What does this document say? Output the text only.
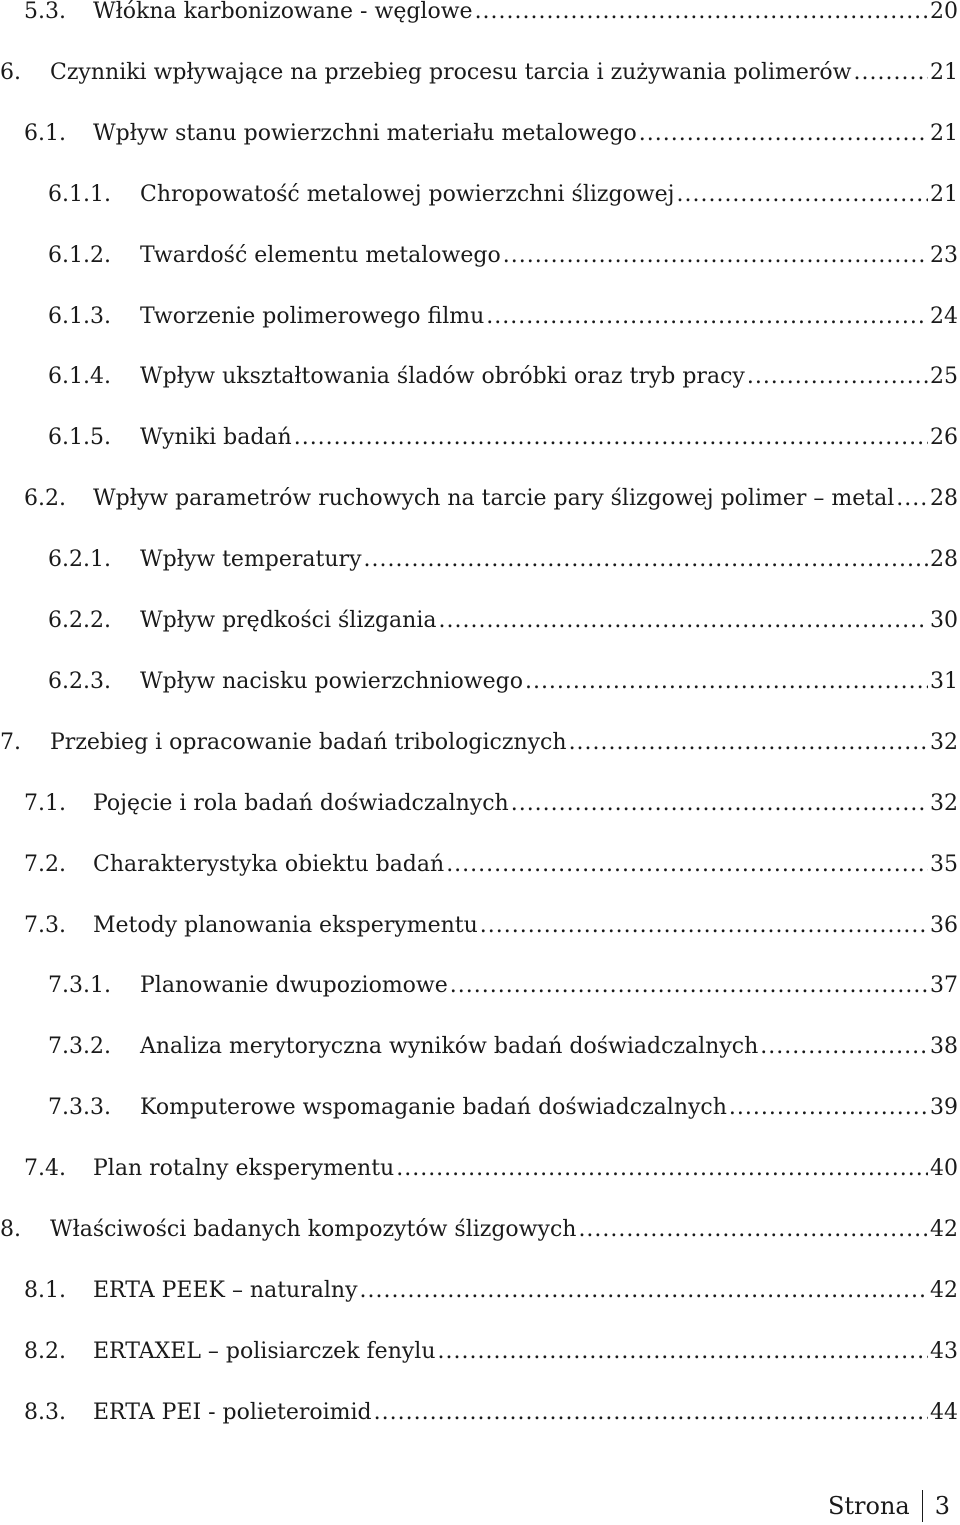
5.3.	Włókna karbonizowane - węglowe .....	20
6.	Czynniki wpływające na przebieg procesu tarcia i zużywania polimerów .....	21
6.1.	Wpływ stanu powierzchni materiału metalowego .....	21
6.1.1.	Chropowatość metalowej powierzchni ślizgowej .....	21
6.1.2.	Twardość elementu metalowego .....	23
6.1.3.	Tworzenie polimerowego filmu .....	24
6.1.4.	Wpływ ukształtowania śladów obróbki oraz tryb pracy .....	25
6.1.5.	Wyniki badań .....	26
6.2.	Wpływ parametrów ruchowych na tarcie pary ślizgowej polimer – metal ..... 28
6.2.1.	Wpływ temperatury .....	28
6.2.2.	Wpływ prędkości ślizgania .....	30
6.2.3.	Wpływ nacisku powierzchniowego .....	31
7.	Przebieg i opracowanie badań tribologicznych .....	32
7.1.	Pojęcie i rola badań doświadczalnych .....	32
7.2.	Charakterystyka obiektu badań .....	35
7.3.	Metody planowania eksperymentu .....	36
7.3.1.	Planowanie dwupoziomowe .....	37
7.3.2.	Analiza merytoryczna wyników badań doświadczalnych .....	38
7.3.3.	Komputerowe wspomaganie badań doświadczalnych .....	39
7.4.	Plan rotalny eksperymentu .....	40
8.	Właściwości badanych kompozytów ślizgowych .....	42
8.1.	ERTA PEEK – naturalny .....	42
8.2.	ERTAXEL – polisiarczek fenylu .....	43
8.3.	ERTA PEI - polieteroimid .....	44
Strona 3
